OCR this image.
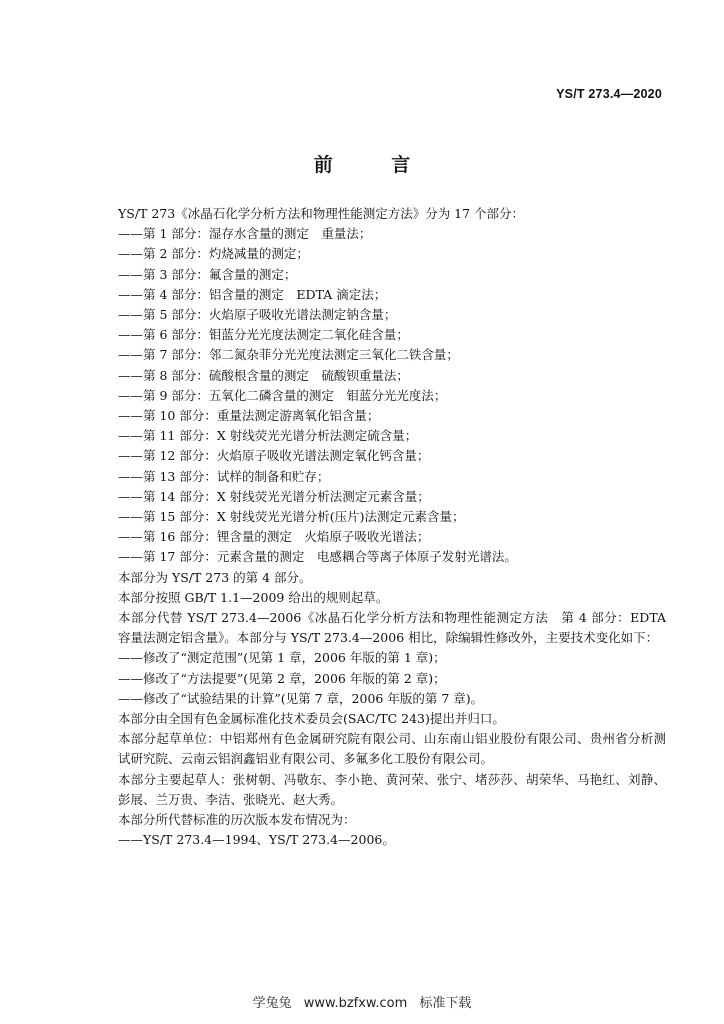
YS/T 273.4—2020
前 言
YS/T 273《冰晶石化学分析方法和物理性能测定方法》分为 17 个部分：
——第 1 部分：湿存水含量的测定　重量法；
——第 2 部分：灼烧减量的测定；
——第 3 部分：氟含量的测定；
——第 4 部分：铝含量的测定　EDTA 滴定法；
——第 5 部分：火焰原子吸收光谱法测定钠含量；
——第 6 部分：钼蓝分光光度法测定二氧化硅含量；
——第 7 部分：邻二氮杂菲分光光度法测定三氧化二铁含量；
——第 8 部分：硫酸根含量的测定　硫酸钡重量法；
——第 9 部分：五氧化二磷含量的测定　钼蓝分光光度法；
——第 10 部分：重量法测定游离氧化铝含量；
——第 11 部分：X 射线荧光光谱分析法测定硫含量；
——第 12 部分：火焰原子吸收光谱法测定氧化钙含量；
——第 13 部分：试样的制备和贮存；
——第 14 部分：X 射线荧光光谱分析法测定元素含量；
——第 15 部分：X 射线荧光光谱分析(压片)法测定元素含量；
——第 16 部分：锂含量的测定　火焰原子吸收光谱法；
——第 17 部分：元素含量的测定　电感耦合等离子体原子发射光谱法。
本部分为 YS/T 273 的第 4 部分。
本部分按照 GB/T 1.1—2009 给出的规则起草。
本部分代替 YS/T 273.4—2006《冰晶石化学分析方法和物理性能测定方法　第 4 部分：EDTA 容量法测定铝含量》。本部分与 YS/T 273.4—2006 相比，除编辑性修改外，主要技术变化如下：
——修改了“测定范围”(见第 1 章，2006 年版的第 1 章)；
——修改了“方法提要”(见第 2 章，2006 年版的第 2 章)；
——修改了“试验结果的计算”(见第 7 章，2006 年版的第 7 章)。
本部分由全国有色金属标准化技术委员会(SAC/TC 243)提出并归口。
本部分起草单位：中铝郑州有色金属研究院有限公司、山东南山铝业股份有限公司、贵州省分析测试研究院、云南云铝润鑫铝业有限公司、多氟多化工股份有限公司。
本部分主要起草人：张树朝、冯敬东、李小艳、黄河荣、张宁、堵莎莎、胡荣华、马艳红、刘静、彭展、兰万贵、李洁、张晓光、赵大秀。
本部分所代替标准的历次版本发布情况为：
——YS/T 273.4—1994、YS/T 273.4—2006。
学兔兔 www.bzfxw.com 标准下载
